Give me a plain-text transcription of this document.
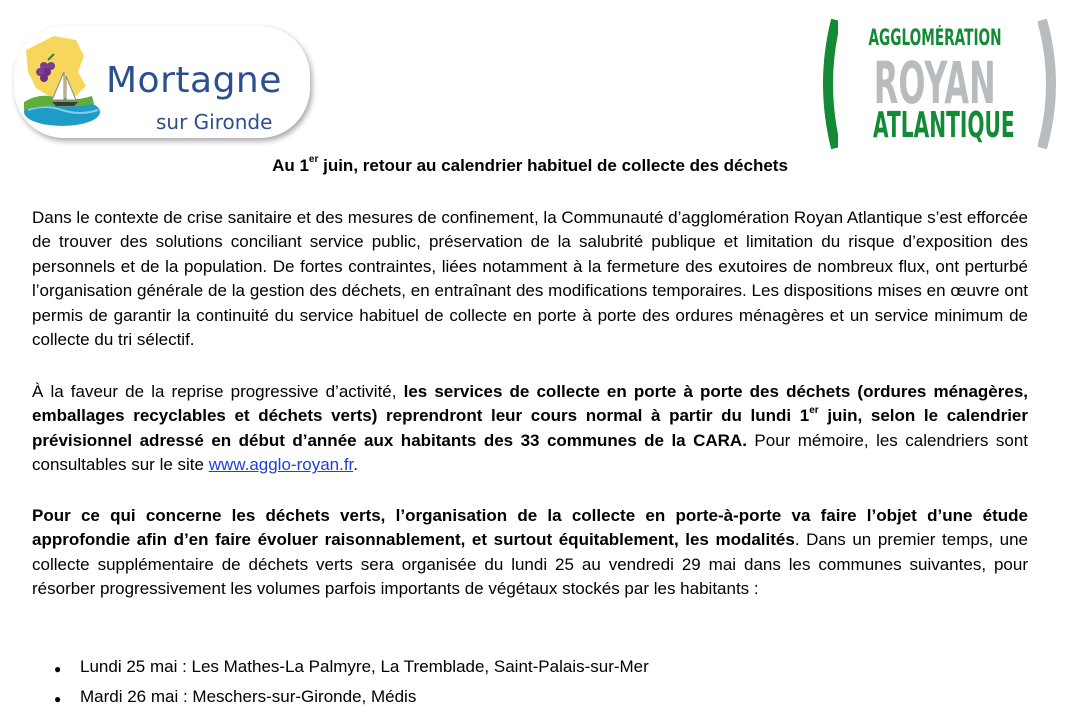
Mortagne
sur Gironde
AGGLOMÉRATION
ROYAN
ATLANTIQUE
Au 1er juin, retour au calendrier habituel de collecte des déchets

Dans le contexte de crise sanitaire et des mesures de confinement, la Communauté d’agglomération Royan Atlantique s’est efforcée de trouver des solutions conciliant service public, préservation de la salubrité publique et limitation du risque d’exposition des personnels et de la population. De fortes contraintes, liées notamment à la fermeture des exutoires de nombreux flux, ont perturbé l’organisation générale de la gestion des déchets, en entraînant des modifications temporaires. Les dispositions mises en œuvre ont permis de garantir la continuité du service habituel de collecte en porte à porte des ordures ménagères et un service minimum de collecte du tri sélectif.

À la faveur de la reprise progressive d’activité, les services de collecte en porte à porte des déchets (ordures ménagères, emballages recyclables et déchets verts) reprendront leur cours normal à partir du lundi 1er juin, selon le calendrier prévisionnel adressé en début d’année aux habitants des 33 communes de la CARA. Pour mémoire, les calendriers sont consultables sur le site www.agglo-royan.fr.

Pour ce qui concerne les déchets verts, l’organisation de la collecte en porte-à-porte va faire l’objet d’une étude approfondie afin d’en faire évoluer raisonnablement, et surtout équitablement, les modalités. Dans un premier temps, une collecte supplémentaire de déchets verts sera organisée du lundi 25 au vendredi 29 mai dans les communes suivantes, pour résorber progressivement les volumes parfois importants de végétaux stockés par les habitants :

● Lundi 25 mai : Les Mathes-La Palmyre, La Tremblade, Saint-Palais-sur-Mer
● Mardi 26 mai : Meschers-sur-Gironde, Médis
